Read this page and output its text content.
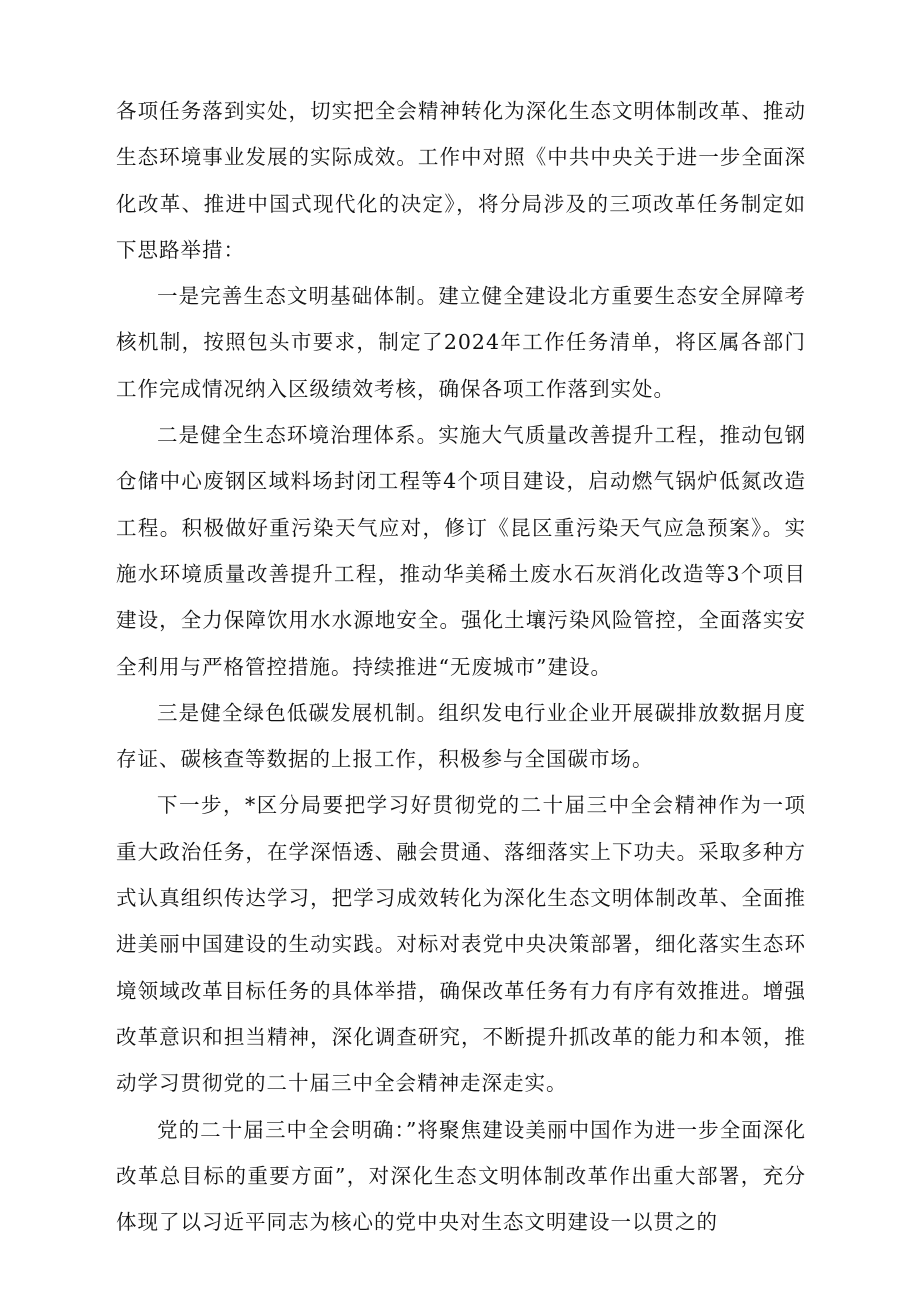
各项任务落到实处，切实把全会精神转化为深化生态文明体制改革、推动生态环境事业发展的实际成效。工作中对照《中共中央关于进一步全面深化改革、推进中国式现代化的决定》，将分局涉及的三项改革任务制定如下思路举措：

一是完善生态文明基础体制。建立健全建设北方重要生态安全屏障考核机制，按照包头市要求，制定了2024年工作任务清单，将区属各部门工作完成情况纳入区级绩效考核，确保各项工作落到实处。

二是健全生态环境治理体系。实施大气质量改善提升工程，推动包钢仓储中心废钢区域料场封闭工程等4个项目建设，启动燃气锅炉低氮改造工程。积极做好重污染天气应对，修订《昆区重污染天气应急预案》。实施水环境质量改善提升工程，推动华美稀土废水石灰消化改造等3个项目建设，全力保障饮用水水源地安全。强化土壤污染风险管控，全面落实安全利用与严格管控措施。持续推进“无废城市”建设。

三是健全绿色低碳发展机制。组织发电行业企业开展碳排放数据月度存证、碳核查等数据的上报工作，积极参与全国碳市场。

下一步，*区分局要把学习好贯彻党的二十届三中全会精神作为一项重大政治任务，在学深悟透、融会贯通、落细落实上下功夫。采取多种方式认真组织传达学习，把学习成效转化为深化生态文明体制改革、全面推进美丽中国建设的生动实践。对标对表党中央决策部署，细化落实生态环境领域改革目标任务的具体举措，确保改革任务有力有序有效推进。增强改革意识和担当精神，深化调查研究，不断提升抓改革的能力和本领，推动学习贯彻党的二十届三中全会精神走深走实。

党的二十届三中全会明确：”将聚焦建设美丽中国作为进一步全面深化改革总目标的重要方面”，对深化生态文明体制改革作出重大部署，充分体现了以习近平同志为核心的党中央对生态文明建设一以贯之的
